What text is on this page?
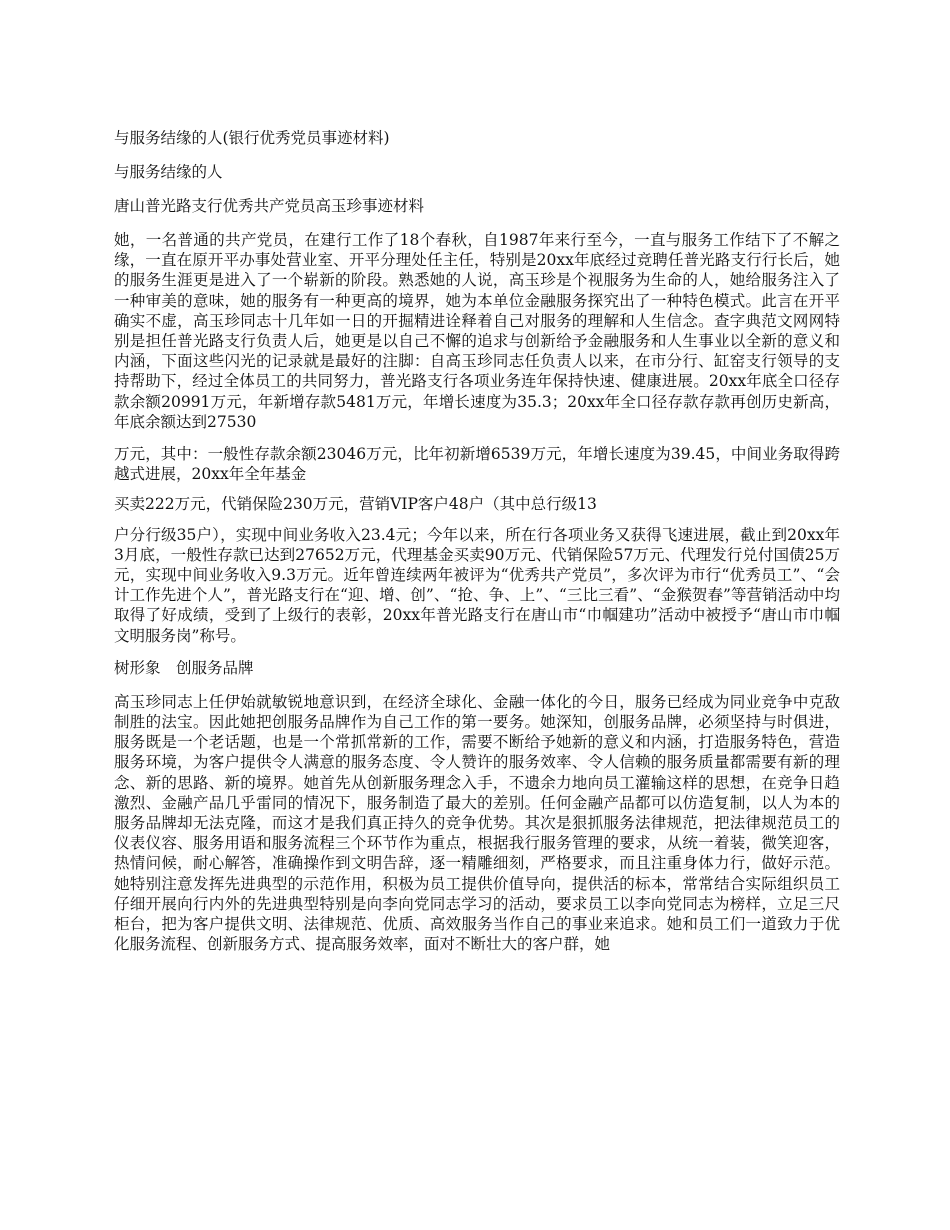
与服务结缘的人(银行优秀党员事迹材料)

与服务结缘的人

唐山普光路支行优秀共产党员高玉珍事迹材料

她，一名普通的共产党员，在建行工作了18个春秋，自1987年来行至今，一直与服务工作结下了不解之缘，一直在原开平办事处营业室、开平分理处任主任，特别是20xx年底经过竞聘任普光路支行行长后，她的服务生涯更是进入了一个崭新的阶段。熟悉她的人说，高玉珍是个视服务为生命的人，她给服务注入了一种审美的意味，她的服务有一种更高的境界，她为本单位金融服务探究出了一种特色模式。此言在开平确实不虚，高玉珍同志十几年如一日的开掘精进诠释着自己对服务的理解和人生信念。查字典范文网网特别是担任普光路支行负责人后，她更是以自己不懈的追求与创新给予金融服务和人生事业以全新的意义和内涵，下面这些闪光的记录就是最好的注脚：自高玉珍同志任负责人以来，在市分行、缸窑支行领导的支持帮助下，经过全体员工的共同努力，普光路支行各项业务连年保持快速、健康进展。20xx年底全口径存款余额20991万元，年新增存款5481万元，年增长速度为35.3；20xx年全口径存款存款再创历史新高，年底余额达到27530

万元，其中：一般性存款余额23046万元，比年初新增6539万元，年增长速度为39.45，中间业务取得跨越式进展，20xx年全年基金

买卖222万元，代销保险230万元，营销VIP客户48户（其中总行级13

户分行级35户），实现中间业务收入23.4元；今年以来，所在行各项业务又获得飞速进展，截止到20xx年3月底，一般性存款已达到27652万元，代理基金买卖90万元、代销保险57万元、代理发行兑付国债25万元，实现中间业务收入9.3万元。近年曾连续两年被评为“优秀共产党员”，多次评为市行“优秀员工”、“会计工作先进个人”，普光路支行在“迎、增、创”、“抢、争、上”、“三比三看”、“金猴贺春”等营销活动中均取得了好成绩，受到了上级行的表彰，20xx年普光路支行在唐山市“巾帼建功”活动中被授予“唐山市巾帼文明服务岗”称号。

树形象　创服务品牌

高玉珍同志上任伊始就敏锐地意识到，在经济全球化、金融一体化的今日，服务已经成为同业竞争中克敌制胜的法宝。因此她把创服务品牌作为自己工作的第一要务。她深知，创服务品牌，必须坚持与时俱进，服务既是一个老话题，也是一个常抓常新的工作，需要不断给予她新的意义和内涵，打造服务特色，营造服务环境，为客户提供令人满意的服务态度、令人赞许的服务效率、令人信赖的服务质量都需要有新的理念、新的思路、新的境界。她首先从创新服务理念入手，不遗余力地向员工灌输这样的思想，在竞争日趋激烈、金融产品几乎雷同的情况下，服务制造了最大的差别。任何金融产品都可以仿造复制，以人为本的服务品牌却无法克隆，而这才是我们真正持久的竞争优势。其次是狠抓服务法律规范，把法律规范员工的仪表仪容、服务用语和服务流程三个环节作为重点，根据我行服务管理的要求，从统一着装，微笑迎客，热情问候，耐心解答，准确操作到文明告辞，逐一精雕细刻，严格要求，而且注重身体力行，做好示范。她特别注意发挥先进典型的示范作用，积极为员工提供价值导向，提供活的标本，常常结合实际组织员工仔细开展向行内外的先进典型特别是向李向党同志学习的活动，要求员工以李向党同志为榜样，立足三尺柜台，把为客户提供文明、法律规范、优质、高效服务当作自己的事业来追求。她和员工们一道致力于优化服务流程、创新服务方式、提高服务效率，面对不断壮大的客户群，她
